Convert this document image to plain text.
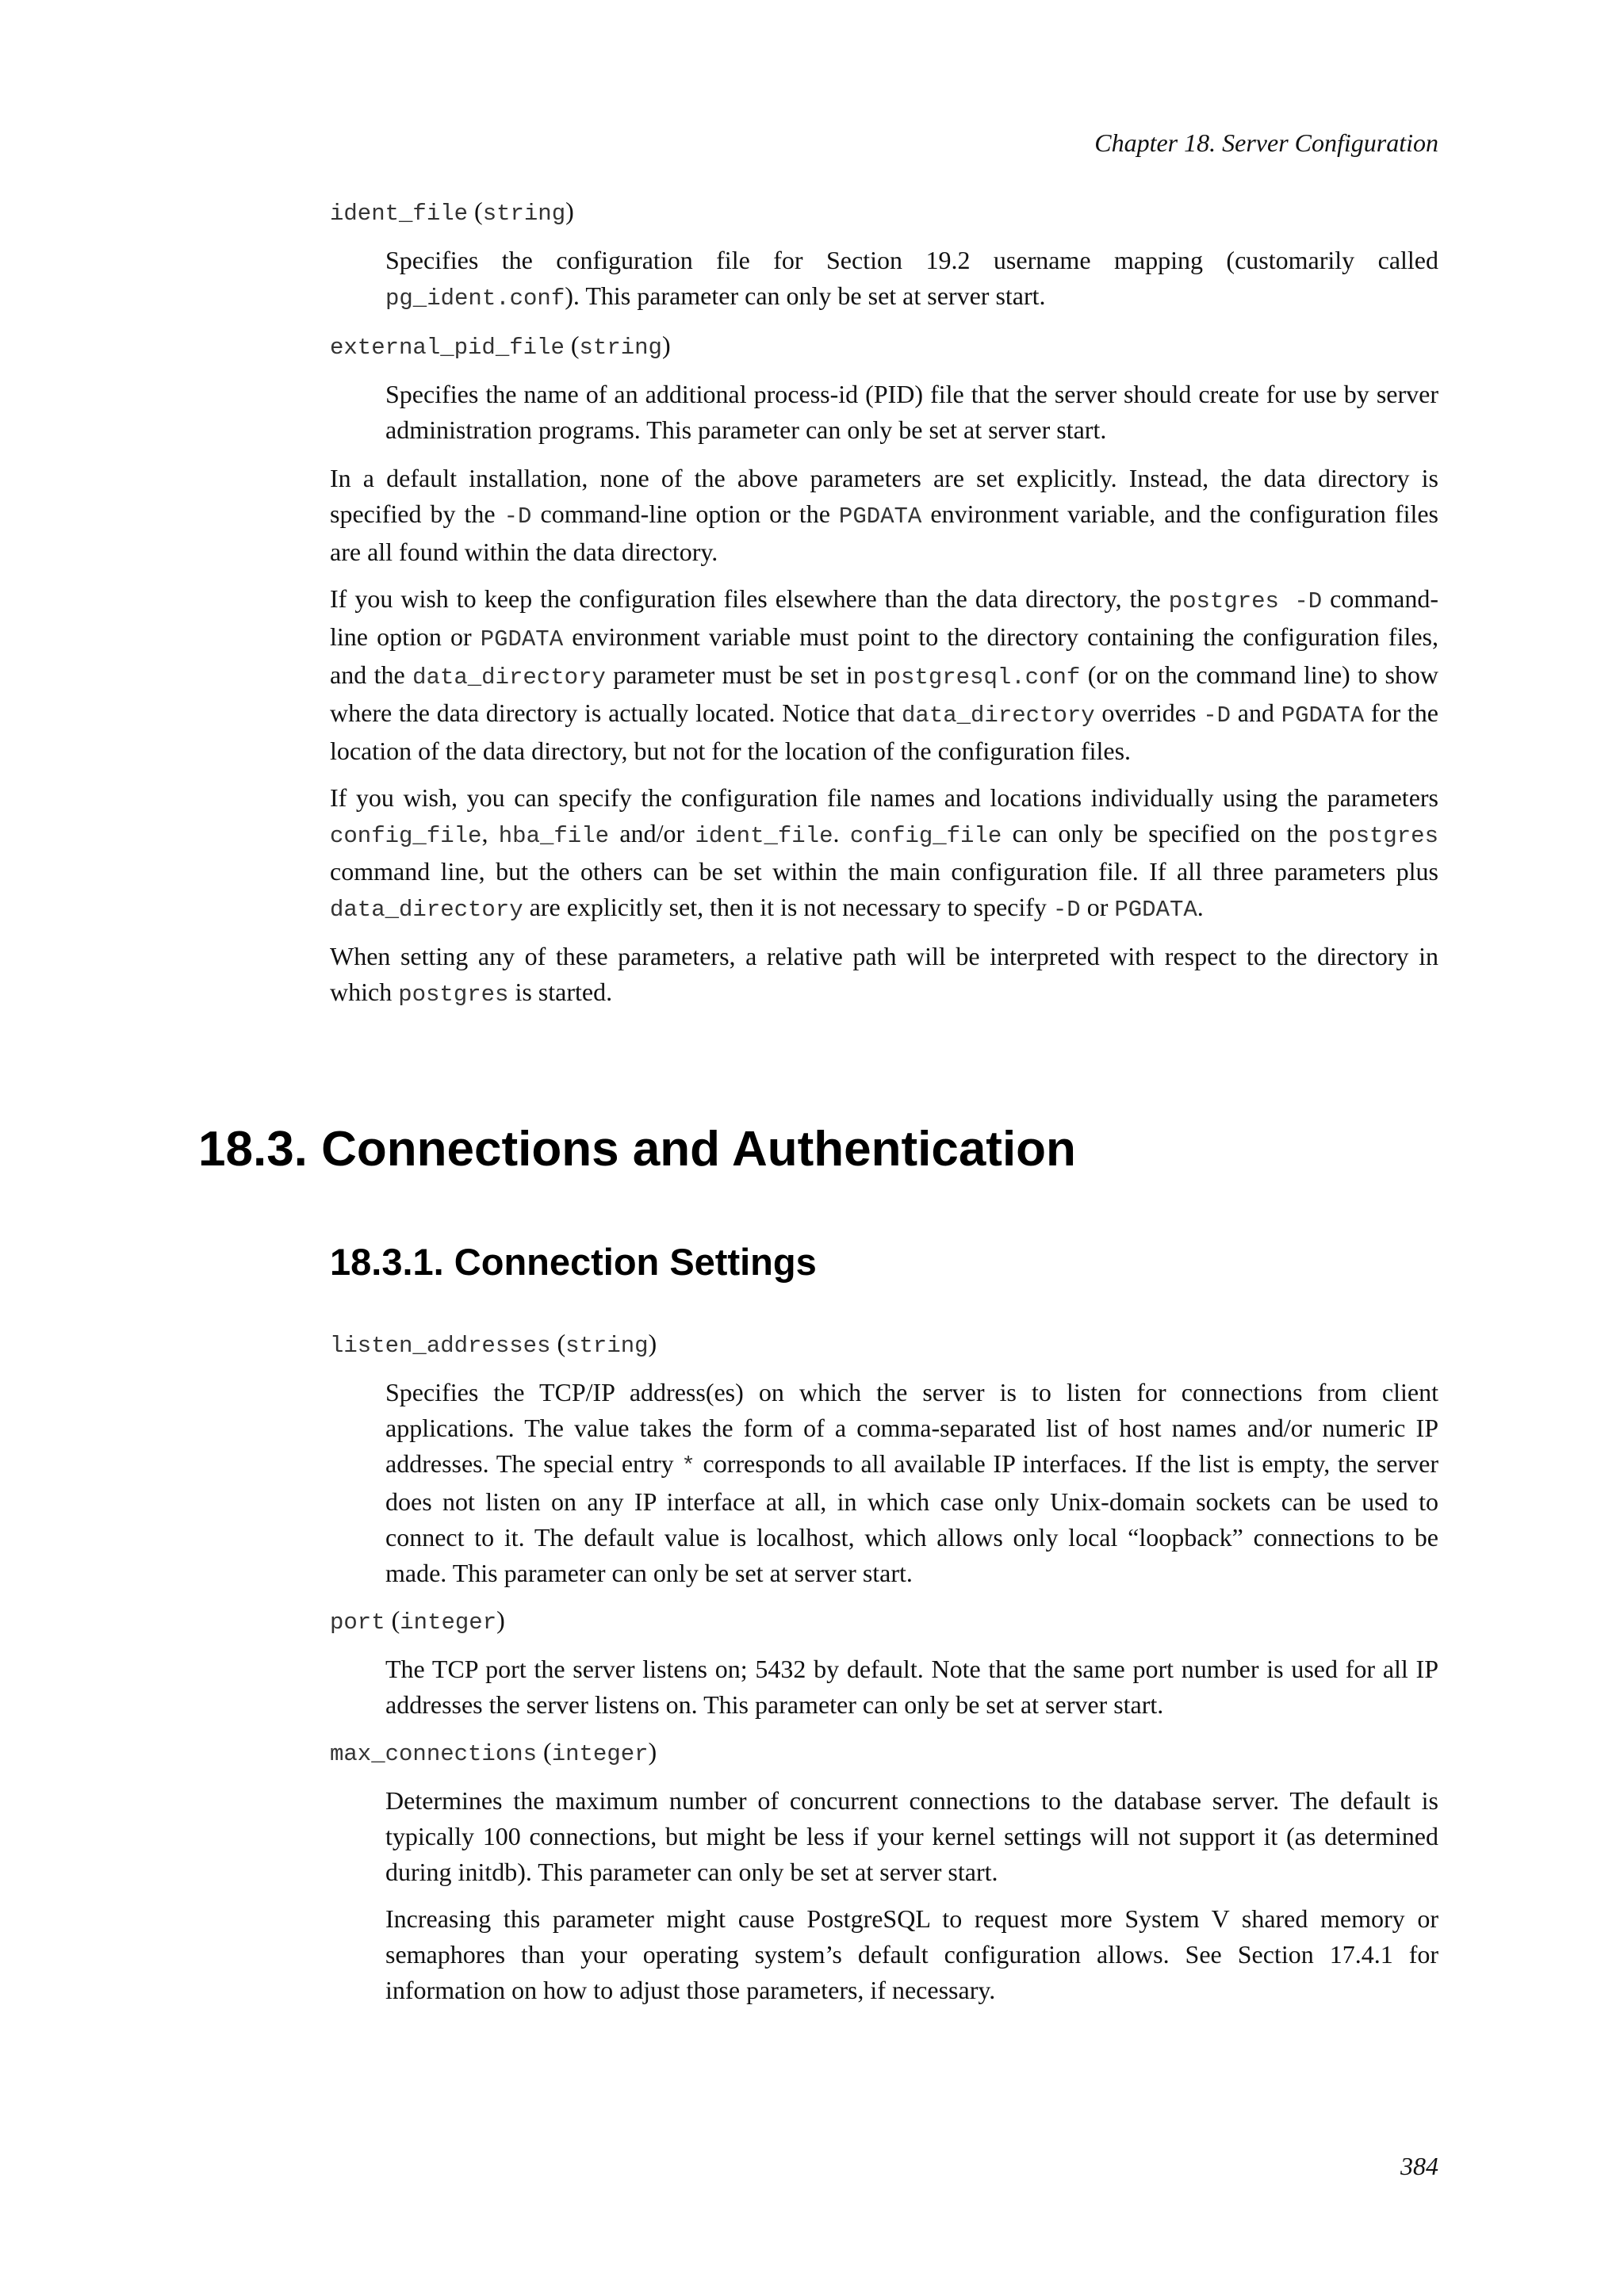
Chapter 18. Server Configuration

ident_file (string)

Specifies the configuration file for Section 19.2 username mapping (customarily called pg_ident.conf). This parameter can only be set at server start.

external_pid_file (string)

Specifies the name of an additional process-id (PID) file that the server should create for use by server administration programs. This parameter can only be set at server start.

In a default installation, none of the above parameters are set explicitly. Instead, the data directory is specified by the -D command-line option or the PGDATA environment variable, and the configuration files are all found within the data directory.

If you wish to keep the configuration files elsewhere than the data directory, the postgres -D command-line option or PGDATA environment variable must point to the directory containing the configuration files, and the data_directory parameter must be set in postgresql.conf (or on the command line) to show where the data directory is actually located. Notice that data_directory overrides -D and PGDATA for the location of the data directory, but not for the location of the configuration files.

If you wish, you can specify the configuration file names and locations individually using the parameters config_file, hba_file and/or ident_file. config_file can only be specified on the postgres command line, but the others can be set within the main configuration file. If all three parameters plus data_directory are explicitly set, then it is not necessary to specify -D or PGDATA.

When setting any of these parameters, a relative path will be interpreted with respect to the directory in which postgres is started.

18.3. Connections and Authentication
18.3.1. Connection Settings

listen_addresses (string)

Specifies the TCP/IP address(es) on which the server is to listen for connections from client applications. The value takes the form of a comma-separated list of host names and/or numeric IP addresses. The special entry * corresponds to all available IP interfaces. If the list is empty, the server does not listen on any IP interface at all, in which case only Unix-domain sockets can be used to connect to it. The default value is localhost, which allows only local “loopback” connections to be made. This parameter can only be set at server start.

port (integer)

The TCP port the server listens on; 5432 by default. Note that the same port number is used for all IP addresses the server listens on. This parameter can only be set at server start.

max_connections (integer)

Determines the maximum number of concurrent connections to the database server. The default is typically 100 connections, but might be less if your kernel settings will not support it (as determined during initdb). This parameter can only be set at server start.

Increasing this parameter might cause PostgreSQL to request more System V shared memory or semaphores than your operating system’s default configuration allows. See Section 17.4.1 for information on how to adjust those parameters, if necessary.

384
